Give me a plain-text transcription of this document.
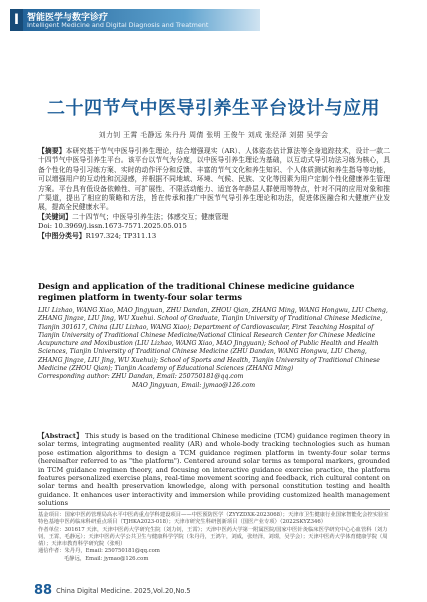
I 智能医学与数字诊疗
Intelligent Medicine and Digital Diagnosis and Treatment
二十四节气中医导引养生平台设计与应用
刘力钊 王霄 毛静远 朱丹丹 周倩 张明 王俊午 刘成 张经泽 刘捃 吴学会

【摘要】本研究基于节气中医导引养生理论，结合增强现实（AR）、人体姿态估计算法等全身追踪技术，设计一款二十四节气中医导引养生平台。该平台以节气为分度，以中医导引养生理论为基础，以互动式导引功法习练为核心，具备个性化的导引习练方案、实时的动作评分和反馈、丰富的节气文化和养生知识、个人体质测试和养生指导等功能，可以增强用户的互动性和沉浸感，并根据不同地域、环境、气候、民族、文化等因素为用户定制个性化健康养生管理方案。平台具有低设备依赖性、可扩展性、不限活动能力、适宜各年龄层人群使用等特点，针对不同的应用对象和推广渠道，提出了相应的策略和方法，旨在传承和推广中医节气导引养生理论和功法，促进体医融合和大健康产业发展，提高全民健康水平。

【关键词】二十四节气；中医导引养生法；体感交互；健康管理

Doi: 10.3969/j.issn.1673-7571.2025.05.015

【中图分类号】R197.324; TP311.13

Design and application of the traditional Chinese medicine guidance regimen platform in twenty-four solar terms

LIU Lizhao, WANG Xiao, MAO Jingyuan, ZHU Dandan, ZHOU Qian, ZHANG Ming, WANG Hongwu, LIU Cheng, ZHANG Jingze, LIU Jing, WU Xuehui. School of Graduate, Tianjin University of Traditional Chinese Medicine, Tianjin 301617, China (LIU Lizhao, WANG Xiao); Department of Cardiovascular, First Teaching Hospital of Tianjin University of Traditional Chinese Medicine/National Clinical Research Center for Chinese Medicine Acupuncture and Moxibustion (LIU Lizhao, WANG Xiao, MAO Jingyuan); School of Public Health and Health Sciences, Tianjin University of Traditional Chinese Medicine (ZHU Dandan, WANG Hongwu, LIU Cheng, ZHANG Jingze, LIU Jing, WU Xuehui); School of Sports and Health, Tianjin University of Traditional Chinese Medicine (ZHOU Qian); Tianjin Academy of Educational Sciences (ZHANG Ming)

Corresponding author: ZHU Dandan, Email: 250750181@qq.com

MAO Jingyuan, Email: jymao@126.com

【Abstract】 This study is based on the traditional Chinese medicine (TCM) guidance regimen theory in solar terms, integrating augmented reality (AR) and whole-body tracking technologies such as human pose estimation algorithms to design a TCM guidance regimen platform in twenty-four solar terms (hereinafter referred to as "the platform"). Centered around solar terms as temporal markers, grounded in TCM guidance regimen theory, and focusing on interactive guidance exercise practice, the platform features personalized exercise plans, real-time movement scoring and feedback, rich cultural content on solar terms and health preservation knowledge, along with personal constitution testing and health guidance. It enhances user interactivity and immersion while providing customized health management solutions

基金项目：国家中医药管理局高水平中医药重点学科建设项目——中医预防医学（ZYYZDXK-2023068）；天津市卫生健康行业国家智能化会控实验室特色基地中医药临床科研重点项目（TJHKA2023-018）；天津市研究生科研创新项目（国医产业专项）（2022SKYZ346）

作者单位：301617 天津，天津中医药大学研究生院（刘力钊，王霄）；天津中医药大学第一附属医院/国家中医针灸临床医学研究中心心血管科（刘力钊，王霄，毛静远）；天津中医药大学公共卫生与健康科学学院（朱丹丹，王鸿午，刘成，张经泽，刘璟，吴学会）；天津中医药大学体育健康学院（周倩）；天津市教育科学研究院（张明）

通信作者：朱丹丹，Email: 250750181@qq.com

毛静远，Email: jymao@126.com

88 China Digital Medicine. 2025,Vol.20,No.5
